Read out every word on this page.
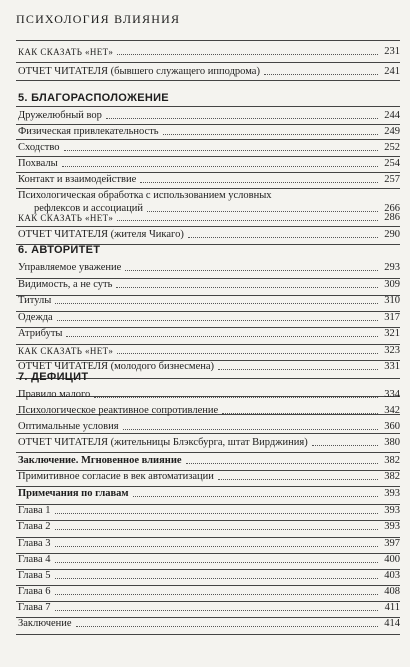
ПСИХОЛОГИЯ ВЛИЯНИЯ
КАК СКАЗАТЬ «НЕТ»	231
ОТЧЕТ ЧИТАТЕЛЯ (бывшего служащего ипподрома)	241
5. БЛАГОРАСПОЛОЖЕНИЕ
Дружелюбный вор	244
Физическая привлекательность	249
Сходство	252
Похвалы	254
Контакт и взаимодействие	257
Психологическая обработка с использованием условных
рефлексов и ассоциаций	266
КАК СКАЗАТЬ «НЕТ»	286
ОТЧЕТ ЧИТАТЕЛЯ (жителя Чикаго)	290
6. АВТОРИТЕТ
Управляемое уважение	293
Видимость, а не суть	309
Титулы	310
Одежда	317
Атрибуты	321
КАК СКАЗАТЬ «НЕТ»	323
ОТЧЕТ ЧИТАТЕЛЯ (молодого бизнесмена)	331
7. ДЕФИЦИТ
Правило малого	334
Психологическое реактивное сопротивление	342
Оптимальные условия	360
ОТЧЕТ ЧИТАТЕЛЯ (жительницы Блэксбурга, штат Вирджиния)	380
Заключение. Мгновенное влияние	382
Примитивное согласие в век автоматизации	382
Примечания по главам	393
Глава 1	393
Глава 2	393
Глава 3	397
Глава 4	400
Глава 5	403
Глава 6	408
Глава 7	411
Заключение	414
